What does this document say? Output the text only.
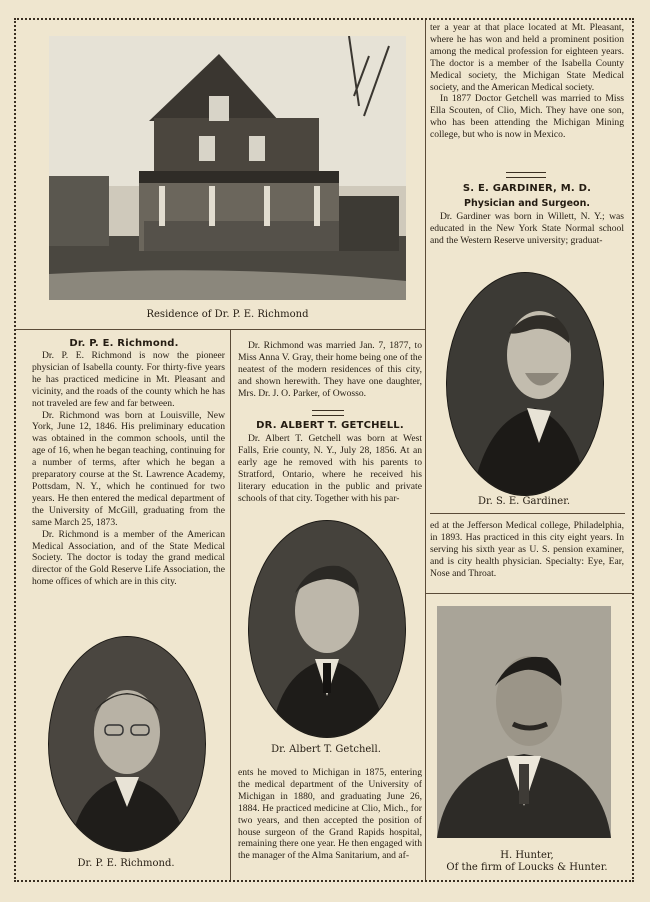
Residence of Dr. P. E. Richmond
Dr. P. E. Richmond.

Dr. P. E. Richmond is now the pioneer physician of Isabella county. For thirty-five years he has practiced medicine in Mt. Pleasant and vicinity, and the roads of the county which he has not traveled are few and far between.

Dr. Richmond was born at Louisville, New York, June 12, 1846. His preliminary education was obtained in the common schools, until the age of 16, when he began teaching, continuing for a number of terms, after which he began a preparatory course at the St. Lawrence Academy, Pottsdam, N. Y., which he continued for two years. He then entered the medical department of the University of McGill, graduating from the same March 25, 1873.

Dr. Richmond is a member of the American Medical Association, and of the State Medical Society. The doctor is today the grand medical director of the Gold Reserve Life Association, the home offices of which are in this city.

Dr. P. E. Richmond.

Dr. Richmond was married Jan. 7, 1877, to Miss Anna V. Gray, their home being one of the neatest of the modern residences of this city, and shown herewith. They have one daughter, Mrs. Dr. J. O. Parker, of Owosso.

DR. ALBERT T. GETCHELL.

Dr. Albert T. Getchell was born at West Falls, Erie county, N. Y., July 28, 1856. At an early age he removed with his parents to Stratford, Ontario, where he received his literary education in the public and private schools of that city. Together with his par-

Dr. Albert T. Getchell.

ents he moved to Michigan in 1875, entering the medical department of the University of Michigan in 1880, and graduating June 26, 1884. He practiced medicine at Clio, Mich., for two years, and then accepted the position of house surgeon of the Grand Rapids hospital, remaining there one year. He then engaged with the manager of the Alma Sanitarium, and af-

ter a year at that place located at Mt. Pleasant, where he has won and held a prominent position among the medical profession for eighteen years. The doctor is a member of the Isabella County Medical society, the Michigan State Medical society, and the American Medical society.

In 1877 Doctor Getchell was married to Miss Ella Scouten, of Clio, Mich. They have one son, who has been attending the Michigan Mining college, but who is now in Mexico.

S. E. GARDINER, M. D.
Physician and Surgeon.

Dr. Gardiner was born in Willett, N. Y.; was educated in the New York State Normal school and the Western Reserve university; graduat-

Dr. S. E. Gardiner.

ed at the Jefferson Medical college, Philadelphia, in 1893. Has practiced in this city eight years. In serving his sixth year as U. S. pension examiner, and is city health physician. Specialty: Eye, Ear, Nose and Throat.

H. Hunter,
Of the firm of Loucks & Hunter.
